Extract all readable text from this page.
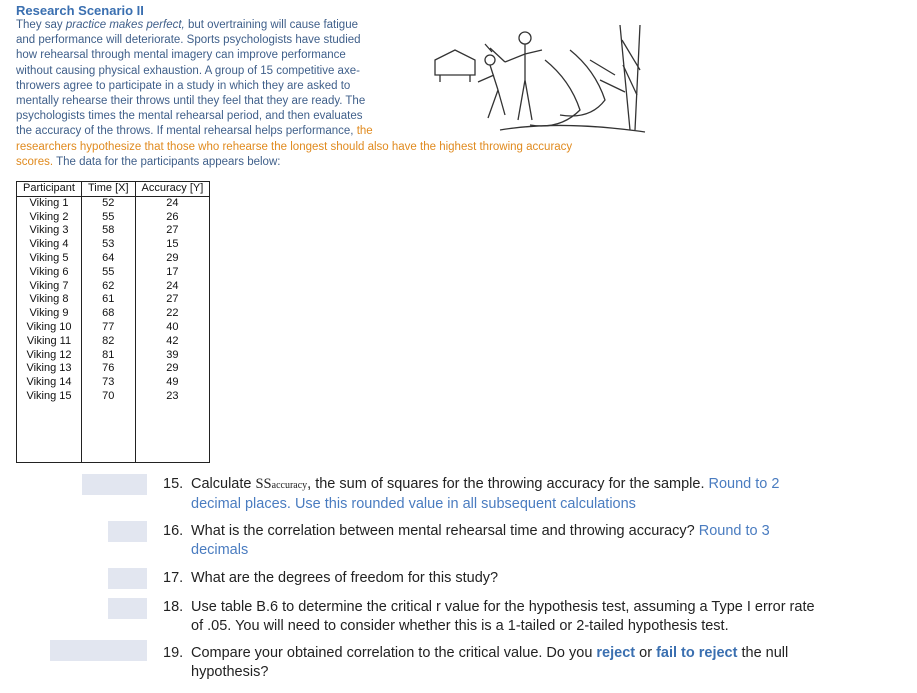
Research Scenario II
They say practice makes perfect, but overtraining will cause fatigue
and performance will deteriorate. Sports psychologists have studied
how rehearsal through mental imagery can improve performance
without causing physical exhaustion. A group of 15 competitive axe-
throwers agree to participate in a study in which they are asked to
mentally rehearse their throws until they feel that they are ready. The
psychologists times the mental rehearsal period, and then evaluates
the accuracy of the throws. If mental rehearsal helps performance, the
researchers hypothesize that those who rehearse the longest should also have the highest throwing accuracy
scores. The data for the participants appears below:
Participant	Time [X]	Accuracy [Y]
Viking 1	52	24
Viking 2	55	26
Viking 3	58	27
Viking 4	53	15
Viking 5	64	29
Viking 6	55	17
Viking 7	62	24
Viking 8	61	27
Viking 9	68	22
Viking 10	77	40
Viking 11	82	42
Viking 12	81	39
Viking 13	76	29
Viking 14	73	49
Viking 15	70	23

15. Calculate SSaccuracy, the sum of squares for the throwing accuracy for the sample. Round to 2
decimal places. Use this rounded value in all subsequent calculations
16. What is the correlation between mental rehearsal time and throwing accuracy? Round to 3
decimals
17. What are the degrees of freedom for this study?
18. Use table B.6 to determine the critical r value for the hypothesis test, assuming a Type I error rate
of .05. You will need to consider whether this is a 1-tailed or 2-tailed hypothesis test.
19. Compare your obtained correlation to the critical value. Do you reject or fail to reject the null
hypothesis?
